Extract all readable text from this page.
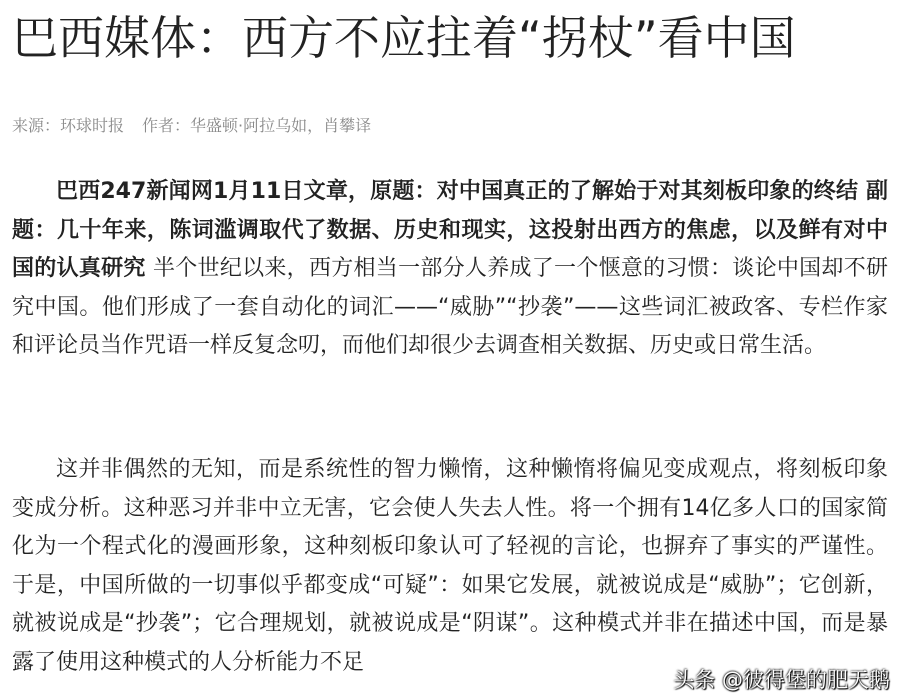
巴西媒体：西方不应拄着“拐杖”看中国
来源：环球时报 作者：华盛顿·阿拉乌如，肖攀译

巴西247新闻网1月11日文章，原题：对中国真正的了解始于对其刻板印象的终结 副题：几十年来，陈词滥调取代了数据、历史和现实，这投射出西方的焦虑，以及鲜有对中国的认真研究 半个世纪以来，西方相当一部分人养成了一个惬意的习惯：谈论中国却不研究中国。他们形成了一套自动化的词汇——“威胁”“抄袭”——这些词汇被政客、专栏作家和评论员当作咒语一样反复念叨，而他们却很少去调查相关数据、历史或日常生活。

这并非偶然的无知，而是系统性的智力懒惰，这种懒惰将偏见变成观点，将刻板印象变成分析。这种恶习并非中立无害，它会使人失去人性。将一个拥有14亿多人口的国家简化为一个程式化的漫画形象，这种刻板印象认可了轻视的言论，也摒弃了事实的严谨性。于是，中国所做的一切事似乎都变成“可疑”：如果它发展，就被说成是“威胁”；它创新，就被说成是“抄袭”；它合理规划，就被说成是“阴谋”。这种模式并非在描述中国，而是暴露了使用这种模式的人分析能力不足

头条 @彼得堡的肥天鹅
